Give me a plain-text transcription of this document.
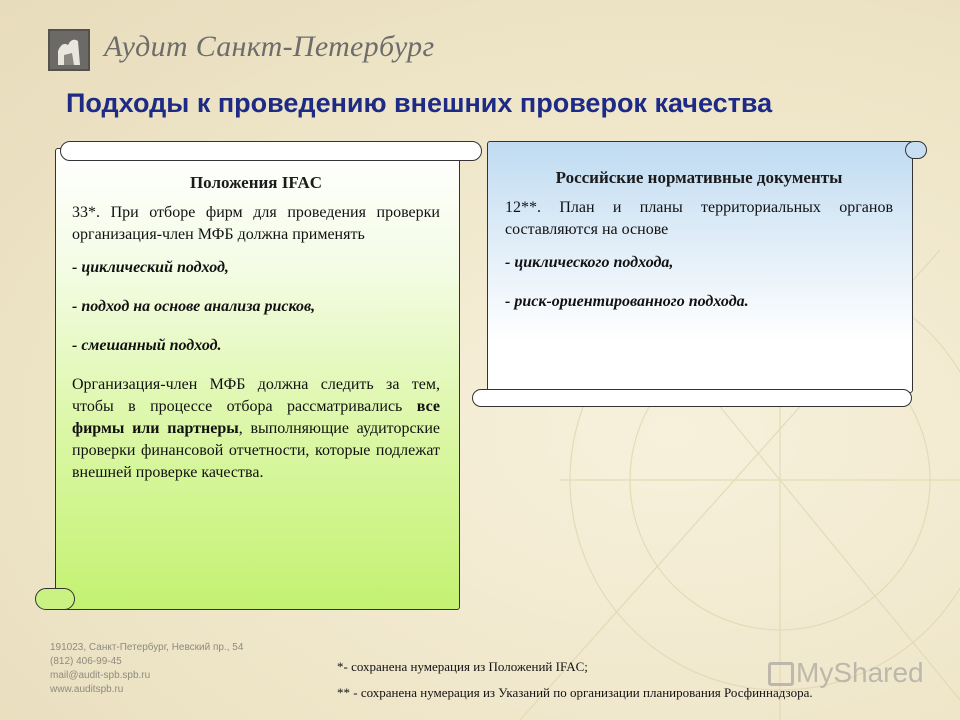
Аудит Санкт-Петербург
Подходы к проведению внешних проверок качества
Положения IFAC
33*. При отборе фирм для проведения проверки организация-член МФБ должна применять
- циклический подход,
- подход на основе анализа рисков,
- смешанный подход.
Организация-член МФБ должна следить за тем, чтобы в процессе отбора рассматривались все фирмы или партнеры, выполняющие аудиторские проверки финансовой отчетности, которые подлежат внешней проверке качества.
Российские нормативные документы
12**. План и планы территориальных органов составляются на основе
- циклического подхода,
- риск-ориентированного подхода.
191023, Санкт-Петербург, Невский пр., 54
(812) 406-99-45
mail@audit-spb.spb.ru
www.auditspb.ru
MyShared
*- сохранена нумерация из Положений IFAC;
** - сохранена нумерация из Указаний по организации планирования Росфиннадзора.
